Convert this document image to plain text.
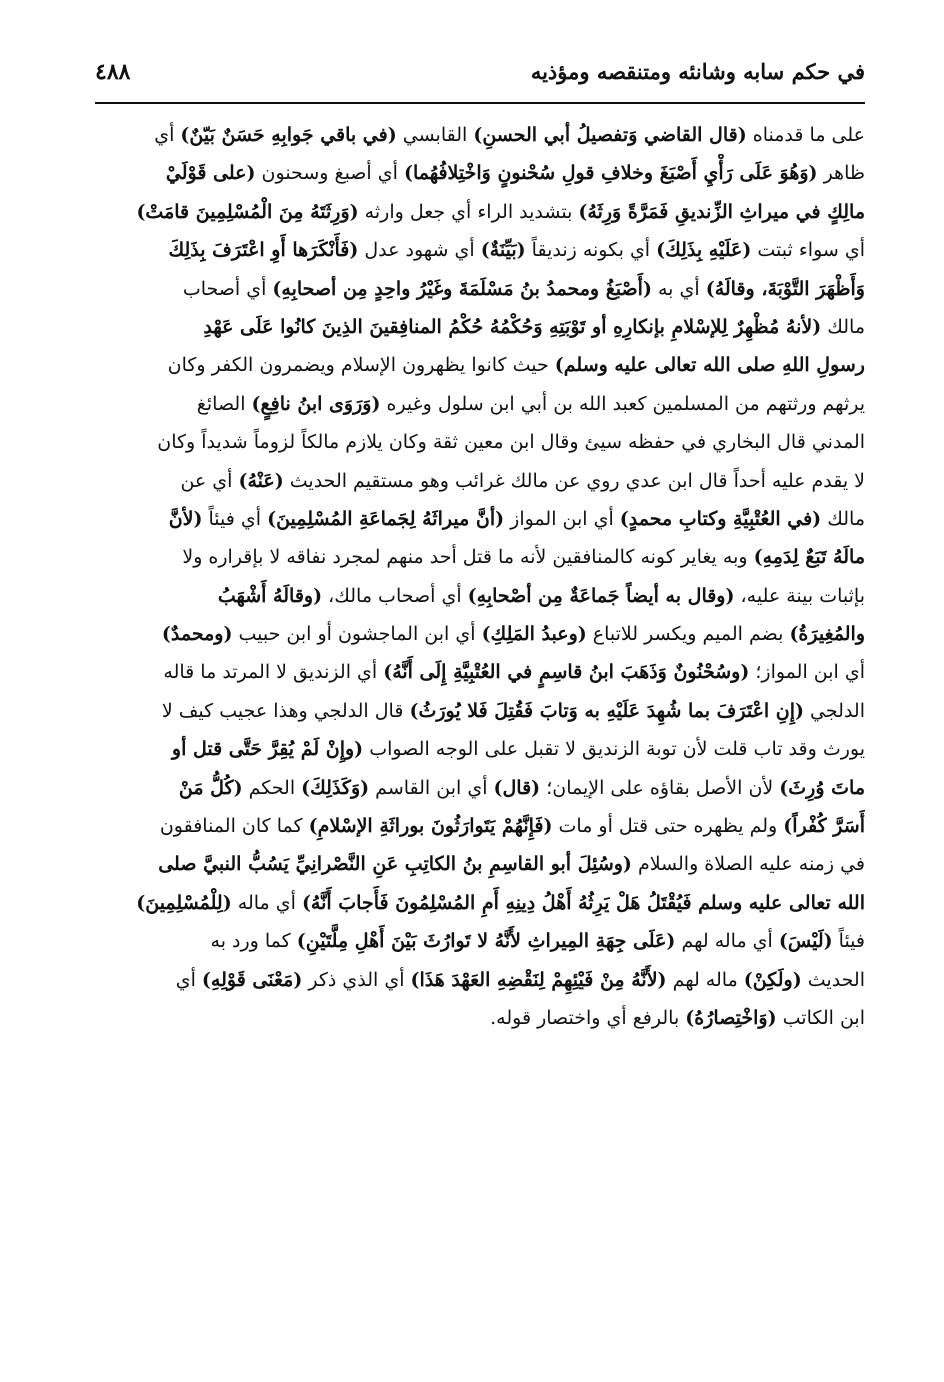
في حكم سابه وشانئه ومتنقصه ومؤذيه
٤٨٨
على ما قدمناه (قال القاضي وَتفصيلُ أبي الحسنِ) القابسي (في باقي جَوابِهِ حَسَنٌ بَيّنٌ) أي
ظاهر (وَهُوَ عَلَى رَأْيِ أَصْبَغَ وخلافِ قولِ سُحْنونٍ وَاخْتِلافُهُما) أي أصبغ وسحنون (على قَوْلَيْ
مالِكٍ في ميراثِ الزِّنديقِ فَمَرَّةً وَرِثَهُ) بتشديد الراء أي جعل وارثه (وَرِثَتَهُ مِنَ الْمُسْلِمِينَ قامَتْ)
أي سواء ثبتت (عَلَيْهِ بِذَلِكَ) أي بكونه زنديقاً (بَيِّنَةٌ) أي شهود عدل (فَأَنْكَرَها أَوِ اعْتَرَفَ بِذَلِكَ
وَأَظْهَرَ التَّوْبَةَ، وقالَهُ) أي به (أَصْبَغُ ومحمدُ بنُ مَسْلَمَةَ وغَيْرُ واحِدٍ مِن أصحابِهِ) أي أصحاب
مالك (لأنهُ مُظْهِرٌ لِلإسْلامِ بإنكارِهِ أو تَوْبَتِهِ وَحُكْمُهُ حُكْمُ المنافِقينَ الذِينَ كانُوا عَلَى عَهْدِ
رسولِ اللهِ صلى الله تعالى عليه وسلم) حيث كانوا يظهرون الإسلام ويضمرون الكفر وكان
يرثهم ورثتهم من المسلمين كعبد الله بن أبي ابن سلول وغيره (وَرَوَى ابنُ نافِعٍ) الصائغ
المدني قال البخاري في حفظه سيئ وقال ابن معين ثقة وكان يلازم مالكاً لزوماً شديداً وكان
لا يقدم عليه أحداً قال ابن عدي روي عن مالك غرائب وهو مستقيم الحديث (عَنْهُ) أي عن
مالك (في العُتْبِيَّةِ وكتابِ محمدٍ) أي ابن المواز (أنَّ ميراثَهُ لِجَماعَةِ المُسْلِمِينَ) أي فيئاً (لأنَّ
مالَهُ تَبَعٌ لِدَمِهِ) وبه يغاير كونه كالمنافقين لأنه ما قتل أحد منهم لمجرد نفاقه لا بإقراره ولا
بإثبات بينة عليه، (وقال به أيضاً جَماعَةٌ مِن أصْحابِهِ) أي أصحاب مالك، (وقالَهُ أَشْهَبُ
والمُغِيرَةُ) بضم الميم ويكسر للاتباع (وعبدُ المَلِكِ) أي ابن الماجشون أو ابن حبيب (ومحمدٌ)
أي ابن المواز؛ (وسُحْنُونٌ وَذَهَبَ ابنُ قاسِمٍ في العُتْبِيَّةِ إِلَى أَنَّهُ) أي الزنديق لا المرتد ما قاله
الدلجي (إِنِ اعْتَرَفَ بما شُهِدَ عَلَيْهِ به وَتابَ فَقُتِلَ فَلا يُورَثُ) قال الدلجي وهذا عجيب كيف لا
يورث وقد تاب قلت لأن توبة الزنديق لا تقبل على الوجه الصواب (وإِنْ لَمْ يُقِرَّ حَتَّى قتل أو
ماتَ وُرِثَ) لأن الأصل بقاؤه على الإيمان؛ (قال) أي ابن القاسم (وَكَذَلِكَ) الحكم (كُلُّ مَنْ
أَسَرَّ كُفْراً) ولم يظهره حتى قتل أو مات (فَإِنَّهُمْ يَتَوارَثُونَ بوراثَةِ الإسْلامِ) كما كان المنافقون
في زمنه عليه الصلاة والسلام (وسُئِلَ أبو القاسِمِ بنُ الكاتِبِ عَنِ النَّصْرانِيِّ يَسُبُّ النبيَّ صلى
الله تعالى عليه وسلم فَيُقْتَلُ هَلْ يَرِثُهُ أَهْلُ دِينِهِ أَمِ المُسْلِمُونَ فَأَجابَ أَنَّهُ) أي ماله (لِلْمُسْلِمِينَ)
فيئاً (لَيْسَ) أي ماله لهم (عَلَى جِهَةِ المِيراثِ لأَنَّهُ لا تَوارُثَ بَيْنَ أَهْلِ مِلَّتَيْنِ) كما ورد به
الحديث (ولَكِنْ) ماله لهم (لأَنَّهُ مِنْ فَيْئِهِمْ لِنَقْضِهِ العَهْدَ هَذَا) أي الذي ذكر (مَعْنَى قَوْلِهِ) أي
ابن الكاتب (وَاخْتِصارُهُ) بالرفع أي واختصار قوله.
